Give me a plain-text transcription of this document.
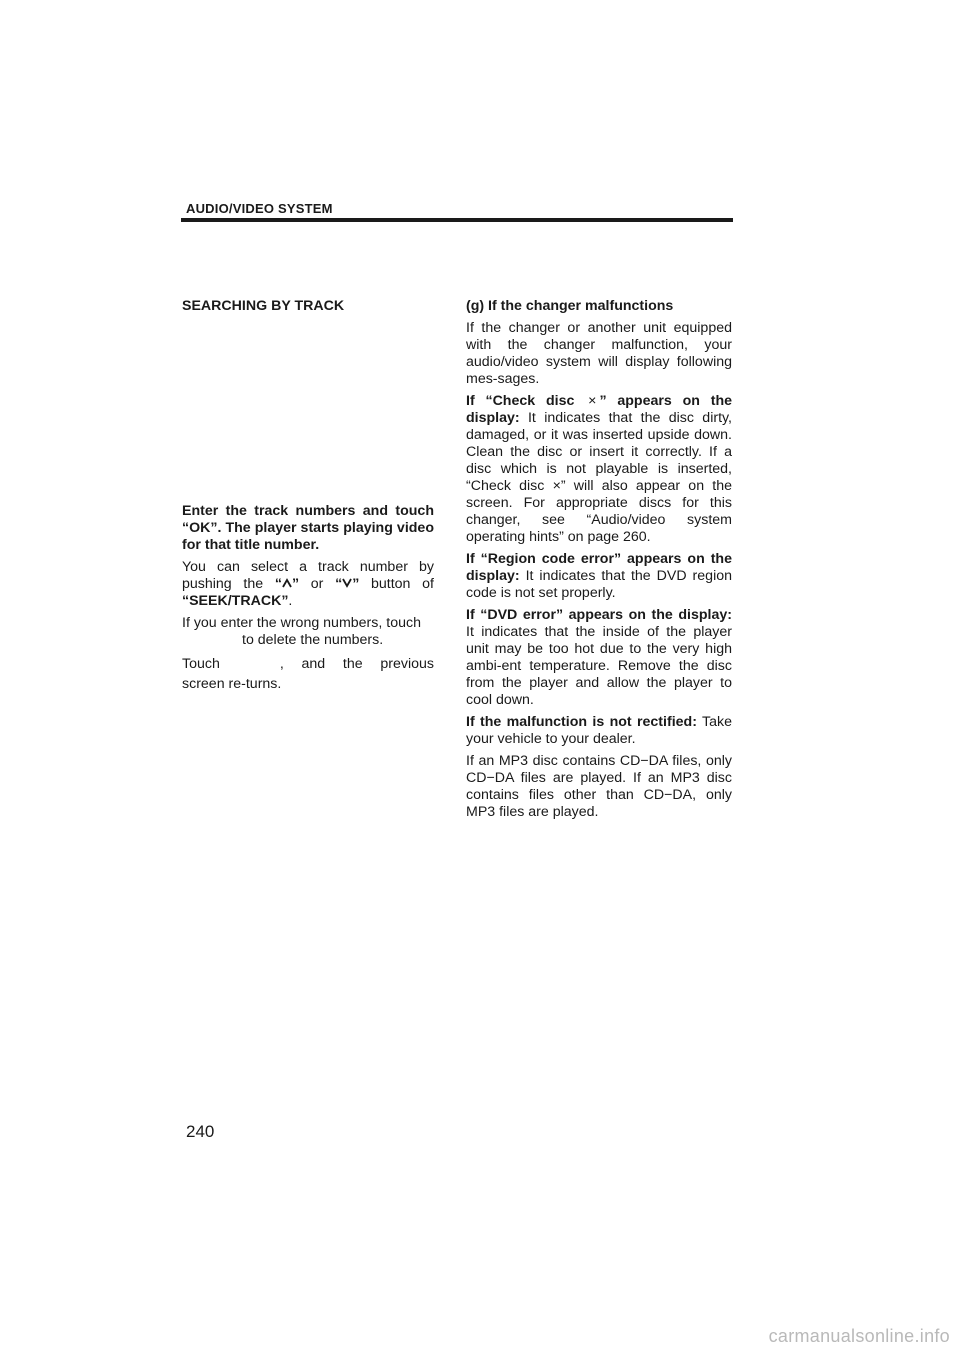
AUDIO/VIDEO SYSTEM

SEARCHING BY TRACK

Enter the track numbers and touch “OK”. The player starts playing video for that title number.

You can select a track number by pushing the “ ” or “ ” button of “SEEK/TRACK”.

If you enter the wrong numbers, touch
to delete the numbers.

Touch	, and the previous screen re-turns.

(g) If the changer malfunctions

If the changer or another unit equipped with the changer malfunction, your audio/video system will display following mes-sages.

If “Check disc × ” appears on the display: It indicates that the disc dirty, damaged, or it was inserted upside down. Clean the disc or insert it correctly. If a disc which is not playable is inserted, “Check disc ×” will also appear on the screen. For appropriate discs for this changer, see “Audio/video system operating hints” on page 260.

If “Region code error” appears on the display: It indicates that the DVD region code is not set properly.

If “DVD error” appears on the display: It indicates that the inside of the player unit may be too hot due to the very high ambi-ent temperature. Remove the disc from the player and allow the player to cool down.

If the malfunction is not rectified: Take your vehicle to your dealer.

If an MP3 disc contains CD−DA files, only CD−DA files are played. If an MP3 disc contains files other than CD−DA, only MP3 files are played.

240
carmanualsonline.info
